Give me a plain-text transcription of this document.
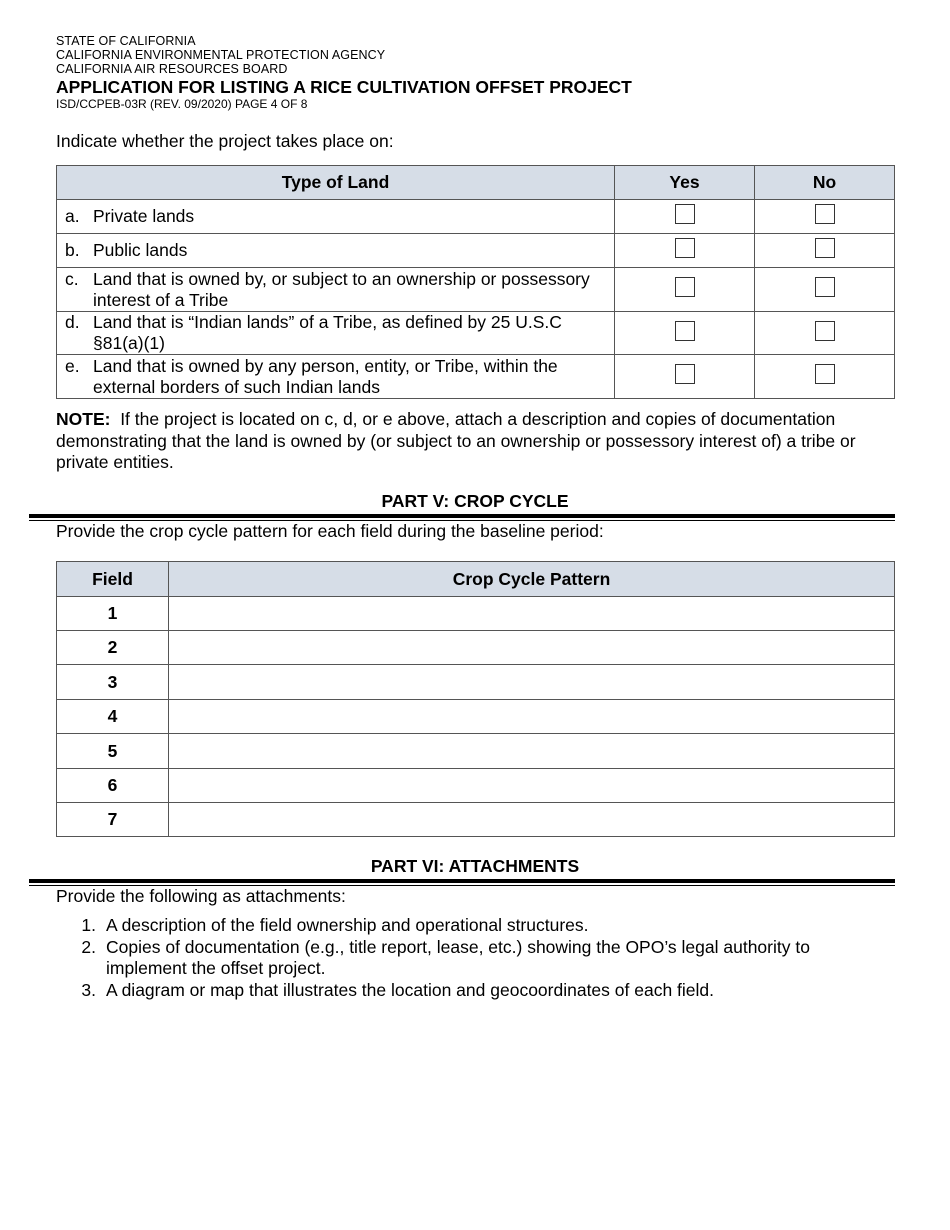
STATE OF CALIFORNIA
CALIFORNIA ENVIRONMENTAL PROTECTION AGENCY
CALIFORNIA AIR RESOURCES BOARD
APPLICATION FOR LISTING A RICE CULTIVATION OFFSET PROJECT
ISD/CCPEB-03R (REV. 09/2020) PAGE 4 OF 8
Indicate whether the project takes place on:
Type of Land	Yes	No

a. Private lands		

b. Public lands		

c. Land that is owned by, or subject to an ownership or possessory interest of a Tribe		

d. Land that is “Indian lands” of a Tribe, as defined by 25 U.S.C §81(a)(1)		

e. Land that is owned by any person, entity, or Tribe, within the external borders of such Indian lands		

NOTE: If the project is located on c, d, or e above, attach a description and copies of documentation demonstrating that the land is owned by (or subject to an ownership or possessory interest of) a tribe or private entities.
PART V: CROP CYCLE
Provide the crop cycle pattern for each field during the baseline period:
Field	Crop Cycle Pattern
1	
2	
3	
4	
5	
6	
7	
PART VI: ATTACHMENTS
Provide the following as attachments:
1. A description of the field ownership and operational structures.
2. Copies of documentation (e.g., title report, lease, etc.) showing the OPO’s legal authority to implement the offset project.
3. A diagram or map that illustrates the location and geocoordinates of each field.
